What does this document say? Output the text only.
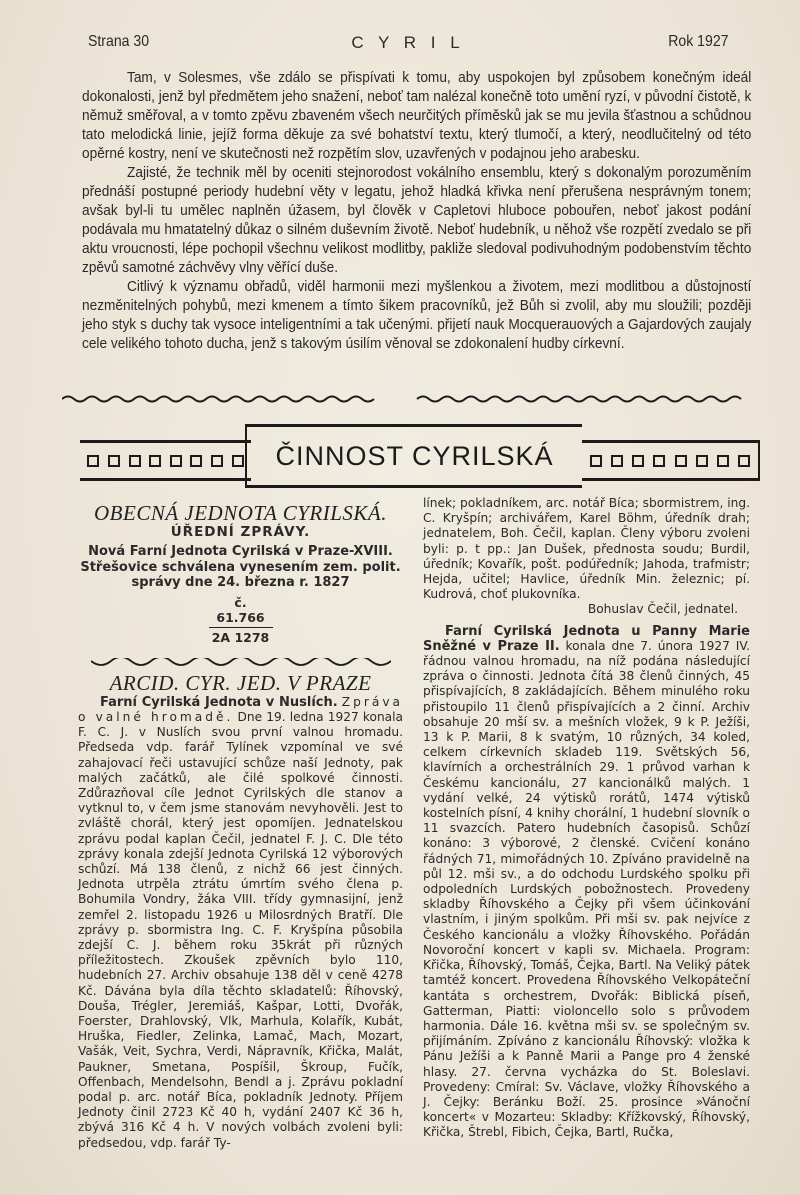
Strana 30	C Y R I L	Rok 1927

Tam, v Solesmes, vše zdálo se přispívati k tomu, aby uspokojen byl způsobem konečným ideál dokonalosti, jenž byl předmětem jeho snažení, neboť tam nalézal konečně toto umění ryzí, v původní čistotě, k němuž směřoval, a v tomto zpěvu zbaveném všech neurčitých příměsků jak se mu jevila šťastnou a schůdnou tato melodická linie, jejíž forma děkuje za své bohatství textu, který tlumočí, a který, neodlučitelný od této opěrné kostry, není ve skutečnosti než rozpětím slov, uzavřených v podajnou jeho arabesku.

Zajisté, že technik měl by oceniti stejnorodost vokálního ensemblu, který s dokonalým porozuměním přednáší postupné periody hudební věty v legatu, jehož hladká křivka není přerušena nesprávným tonem; avšak byl-li tu umělec naplněn úžasem, byl člověk v Capletovi hluboce pobouřen, neboť jakost podání podávala mu hmatatelný důkaz o silném duševním životě. Neboť hudebník, u něhož vše rozpětí zvedalo se při aktu vroucnosti, lépe pochopil všechnu velikost modlitby, pakliže sledoval podivuhodným podobenstvím těchto zpěvů samotné záchvěvy vlny věřící duše.

Citlivý k významu obřadů, viděl harmonii mezi myšlenkou a životem, mezi modlitbou a důstojností nezměnitelných pohybů, mezi kmenem a tímto šikem pracovníků, jež Bůh si zvolil, aby mu sloužili; později jeho styk s duchy tak vysoce inteligentními a tak učenými. přijetí nauk Mocquerauových a Gajardových zaujaly cele velikého tohoto ducha, jenž s takovým úsilím věnoval se zdokonalení hudby církevní.

ČINNOST CYRILSKÁ
OBECNÁ JEDNOTA CYRILSKÁ.
ÚŘEDNÍ ZPRÁVY.
Nová Farní Jednota Cyrilská v Praze-XVIII. Střešovice schválena vynesením zem. polit. správy dne 24. března r. 1827
č. 61.766
2A 1278
ARCID. CYR. JED. V PRAZE

Farní Cyrilská Jednota v Nuslích. Zpráva o valné hromadě. Dne 19. ledna 1927 konala F. C. J. v Nuslích svou první valnou hromadu. Předseda vdp. farář Tylínek vzpomínal ve své zahajovací řeči ustavující schůze naší Jednoty, pak malých začátků, ale čilé spolkové činnosti. Zdůrazňoval cíle Jednot Cyrilských dle stanov a vytknul to, v čem jsme stanovám nevyhověli. Jest to zvláště chorál, který jest opomíjen. Jednatelskou zprávu podal kaplan Čečil, jednatel F. J. C. Dle této zprávy konala zdejší Jednota Cyrilská 12 výborových schůzí. Má 138 členů, z nichž 66 jest činných. Jednota utrpěla ztrátu úmrtím svého člena p. Bohumila Vondry, žáka VIII. třídy gymnasijní, jenž zemřel 2. listopadu 1926 u Milosrdných Bratří. Dle zprávy p. sbormistra Ing. C. F. Kryšpína působila zdejší C. J. během roku 35krát při různých příležitostech. Zkoušek zpěvních bylo 110, hudebních 27. Archiv obsahuje 138 děl v ceně 4278 Kč. Dávána byla díla těchto skladatelů: Říhovský, Douša, Trégler, Jeremiáš, Kašpar, Lotti, Dvořák, Foerster, Drahlovský, Vlk, Marhula, Kolařík, Kubát, Hruška, Fiedler, Zelinka, Lamač, Mach, Mozart, Vašák, Veit, Sychra, Verdi, Nápravník, Křička, Malát, Paukner, Smetana, Pospíšil, Škroup, Fučík, Offenbach, Mendelsohn, Bendl a j. Zprávu pokladní podal p. arc. notář Bíca, pokladník Jednoty. Příjem Jednoty činil 2723 Kč 40 h, vydání 2407 Kč 36 h, zbývá 316 Kč 4 h. V nových volbách zvoleni byli: předsedou, vdp. farář Ty-

línek; pokladníkem, arc. notář Bíca; sbormistrem, ing. C. Kryšpín; archivářem, Karel Böhm, úředník drah; jednatelem, Boh. Čečil, kaplan. Členy výboru zvoleni byli: p. t pp.: Jan Dušek, přednosta soudu; Burdil, úředník; Kovařík, pošt. podúředník; Jahoda, trafmistr; Hejda, učitel; Havlice, úředník Min. železnic; pí. Kudrová, choť plukovníka.

Bohuslav Čečil, jednatel.

Farní Cyrilská Jednota u Panny Marie Sněžné v Praze II. konala dne 7. února 1927 IV. řádnou valnou hromadu, na níž podána následující zpráva o činnosti. Jednota čítá 38 členů činných, 45 přispívajících, 8 zakládajících. Během minulého roku přistoupilo 11 členů přispívajících a 2 činní. Archiv obsahuje 20 mší sv. a mešních vložek, 9 k P. Ježíši, 13 k P. Marii, 8 k svatým, 10 různých, 34 koled, celkem církevních skladeb 119. Světských 56, klavírních a orchestrálních 29. 1 průvod varhan k Českému kancionálu, 27 kancionálků malých. 1 vydání velké, 24 výtisků rorátů, 1474 výtisků kostelních písní, 4 knihy chorální, 1 hudební slovník o 11 svazcích. Patero hudebních časopisů. Schůzí konáno: 3 výborové, 2 členské. Cvičení konáno řádných 71, mimořádných 10. Zpíváno pravidelně na půl 12. mši sv., a do odchodu Lurdského spolku při odpoledních Lurdských pobožnostech. Provedeny skladby Říhovského a Čejky při všem účinkování vlastním, i jiným spolkům. Při mši sv. pak nejvíce z Českého kancionálu a vložky Říhovského. Pořádán Novoroční koncert v kapli sv. Michaela. Program: Křička, Říhovský, Tomáš, Čejka, Bartl. Na Veliký pátek tamtéž koncert. Provedena Říhovského Velkopáteční kantáta s orchestrem, Dvořák: Biblická píseň, Gatterman, Piatti: violoncello solo s průvodem harmonia. Dále 16. května mši sv. se společným sv. přijímáním. Zpíváno z kancionálu Říhovský: vložka k Pánu Ježíši a k Panně Marii a Pange pro 4 ženské hlasy. 27. června vycházka do St. Boleslavi. Provedeny: Cmíral: Sv. Václave, vložky Říhovského a J. Čejky: Beránku Boží. 25. prosince »Vánoční koncert« v Mozarteu: Skladby: Křížkovský, Říhovský, Křička, Štrebl, Fibich, Čejka, Bartl, Ručka,
